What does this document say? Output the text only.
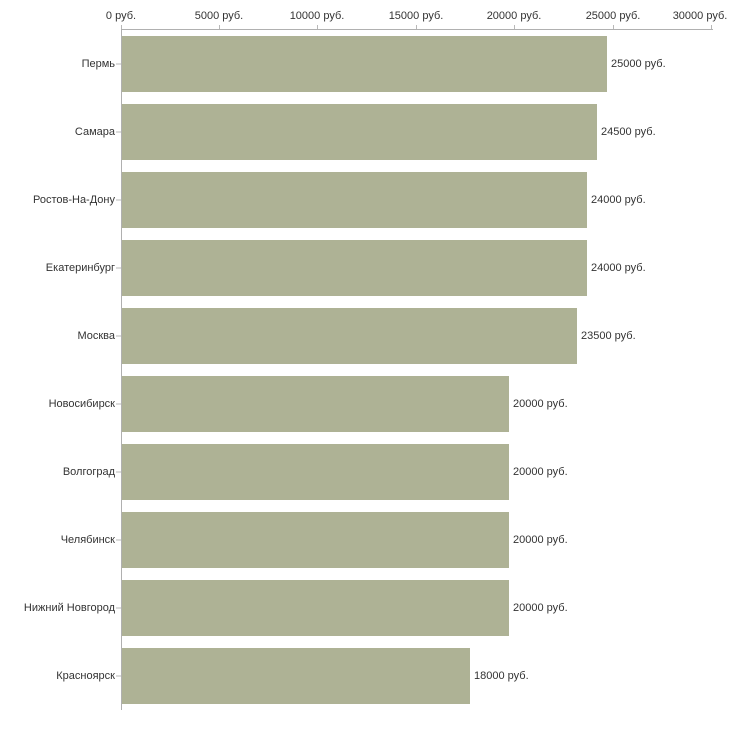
0 руб.	5000 руб.	10000 руб.	15000 руб.	20000 руб.	25000 руб.	30000 руб.
Пермь	25000 руб.
Самара	24500 руб.
Ростов-На-Дону	24000 руб.
Екатеринбург	24000 руб.
Москва	23500 руб.
Новосибирск	20000 руб.
Волгоград	20000 руб.
Челябинск	20000 руб.
Нижний Новгород	20000 руб.
Красноярск	18000 руб.
